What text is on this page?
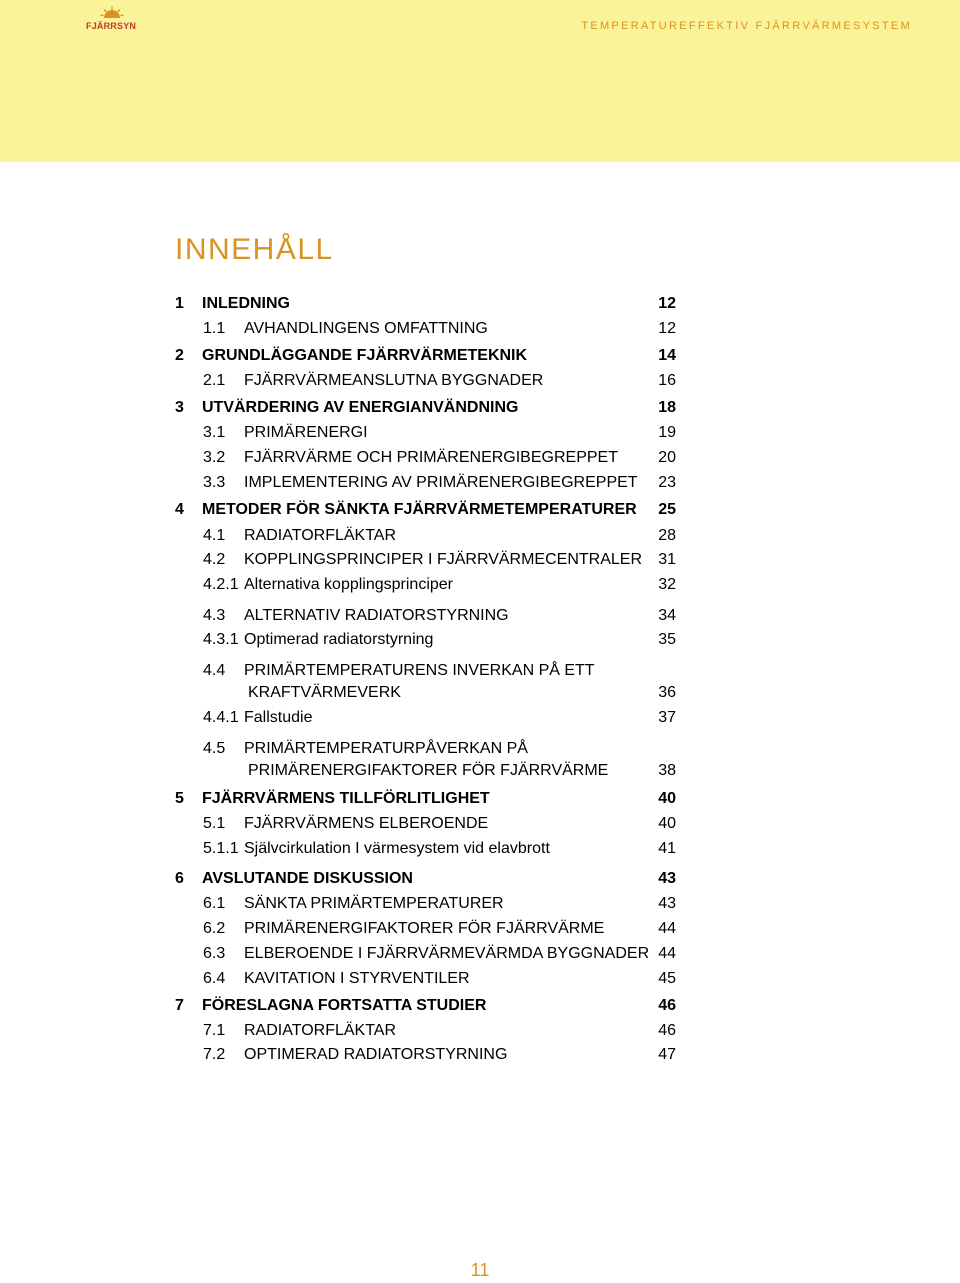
FJÄRRSYN	TEMPERATUREFFEKTIV FJÄRRVÄRMESYSTEM
INNEHÅLL
1 INLEDNING	12
1.1 AVHANDLINGENS OMFATTNING	12
2 GRUNDLÄGGANDE FJÄRRVÄRMETEKNIK	14
2.1 FJÄRRVÄRMEANSLUTNA BYGGNADER	16
3 UTVÄRDERING AV ENERGIANVÄNDNING	18
3.1 PRIMÄRENERGI	19
3.2 FJÄRRVÄRME OCH PRIMÄRENERGIBEGREPPET	20
3.3 IMPLEMENTERING AV PRIMÄRENERGIBEGREPPET 23
4 METODER FÖR SÄNKTA FJÄRRVÄRMETEMPERATURER 25
4.1 RADIATORFLÄKTAR	28
4.2 KOPPLINGSPRINCIPER I FJÄRRVÄRMECENTRALER 31
4.2.1 Alternativa kopplingsprinciper	32
4.3 ALTERNATIV RADIATORSTYRNING	34
4.3.1 Optimerad radiatorstyrning	35
4.4 PRIMÄRTEMPERATURENS INVERKAN PÅ ETT
KRAFTVÄRMEVERK	36
4.4.1 Fallstudie	37
4.5 PRIMÄRTEMPERATURPÅVERKAN PÅ
PRIMÄRENERGIFAKTORER FÖR FJÄRRVÄRME	38
5 FJÄRRVÄRMENS TILLFÖRLITLIGHET	40
5.1 FJÄRRVÄRMENS ELBEROENDE	40
5.1.1 Självcirkulation I värmesystem vid elavbrott	41
6 AVSLUTANDE DISKUSSION	43
6.1 SÄNKTA PRIMÄRTEMPERATURER	43
6.2 PRIMÄRENERGIFAKTORER FÖR FJÄRRVÄRME	44
6.3 ELBEROENDE I FJÄRRVÄRMEVÄRMDA BYGGNADER 44
6.4 KAVITATION I STYRVENTILER	45
7 FÖRESLAGNA FORTSATTA STUDIER	46
7.1 RADIATORFLÄKTAR	46
7.2 OPTIMERAD RADIATORSTYRNING	47
11
